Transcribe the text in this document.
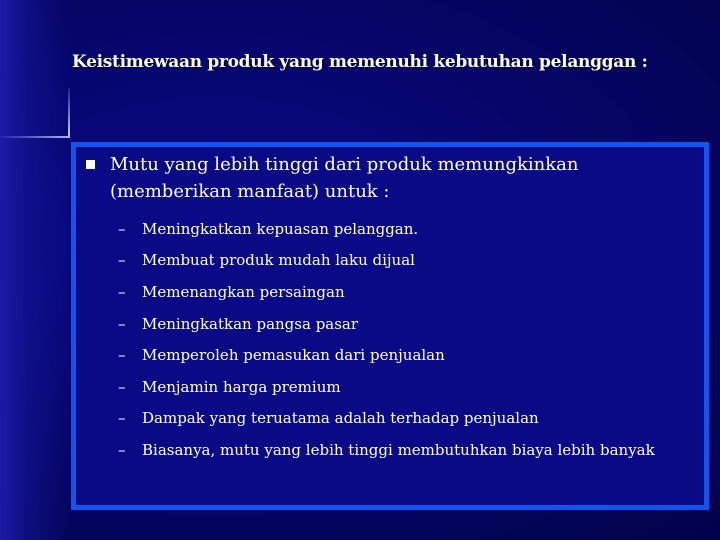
Keistimewaan produk yang memenuhi kebutuhan pelanggan :
Mutu yang lebih tinggi dari produk memungkinkan (memberikan manfaat) untuk :
–	Meningkatkan kepuasan pelanggan.
–	Membuat produk mudah laku dijual
–	Memenangkan persaingan
–	Meningkatkan pangsa pasar
–	Memperoleh pemasukan dari penjualan
–	Menjamin harga premium
–	Dampak yang teruatama adalah terhadap penjualan
–	Biasanya, mutu yang lebih tinggi membutuhkan biaya lebih banyak
